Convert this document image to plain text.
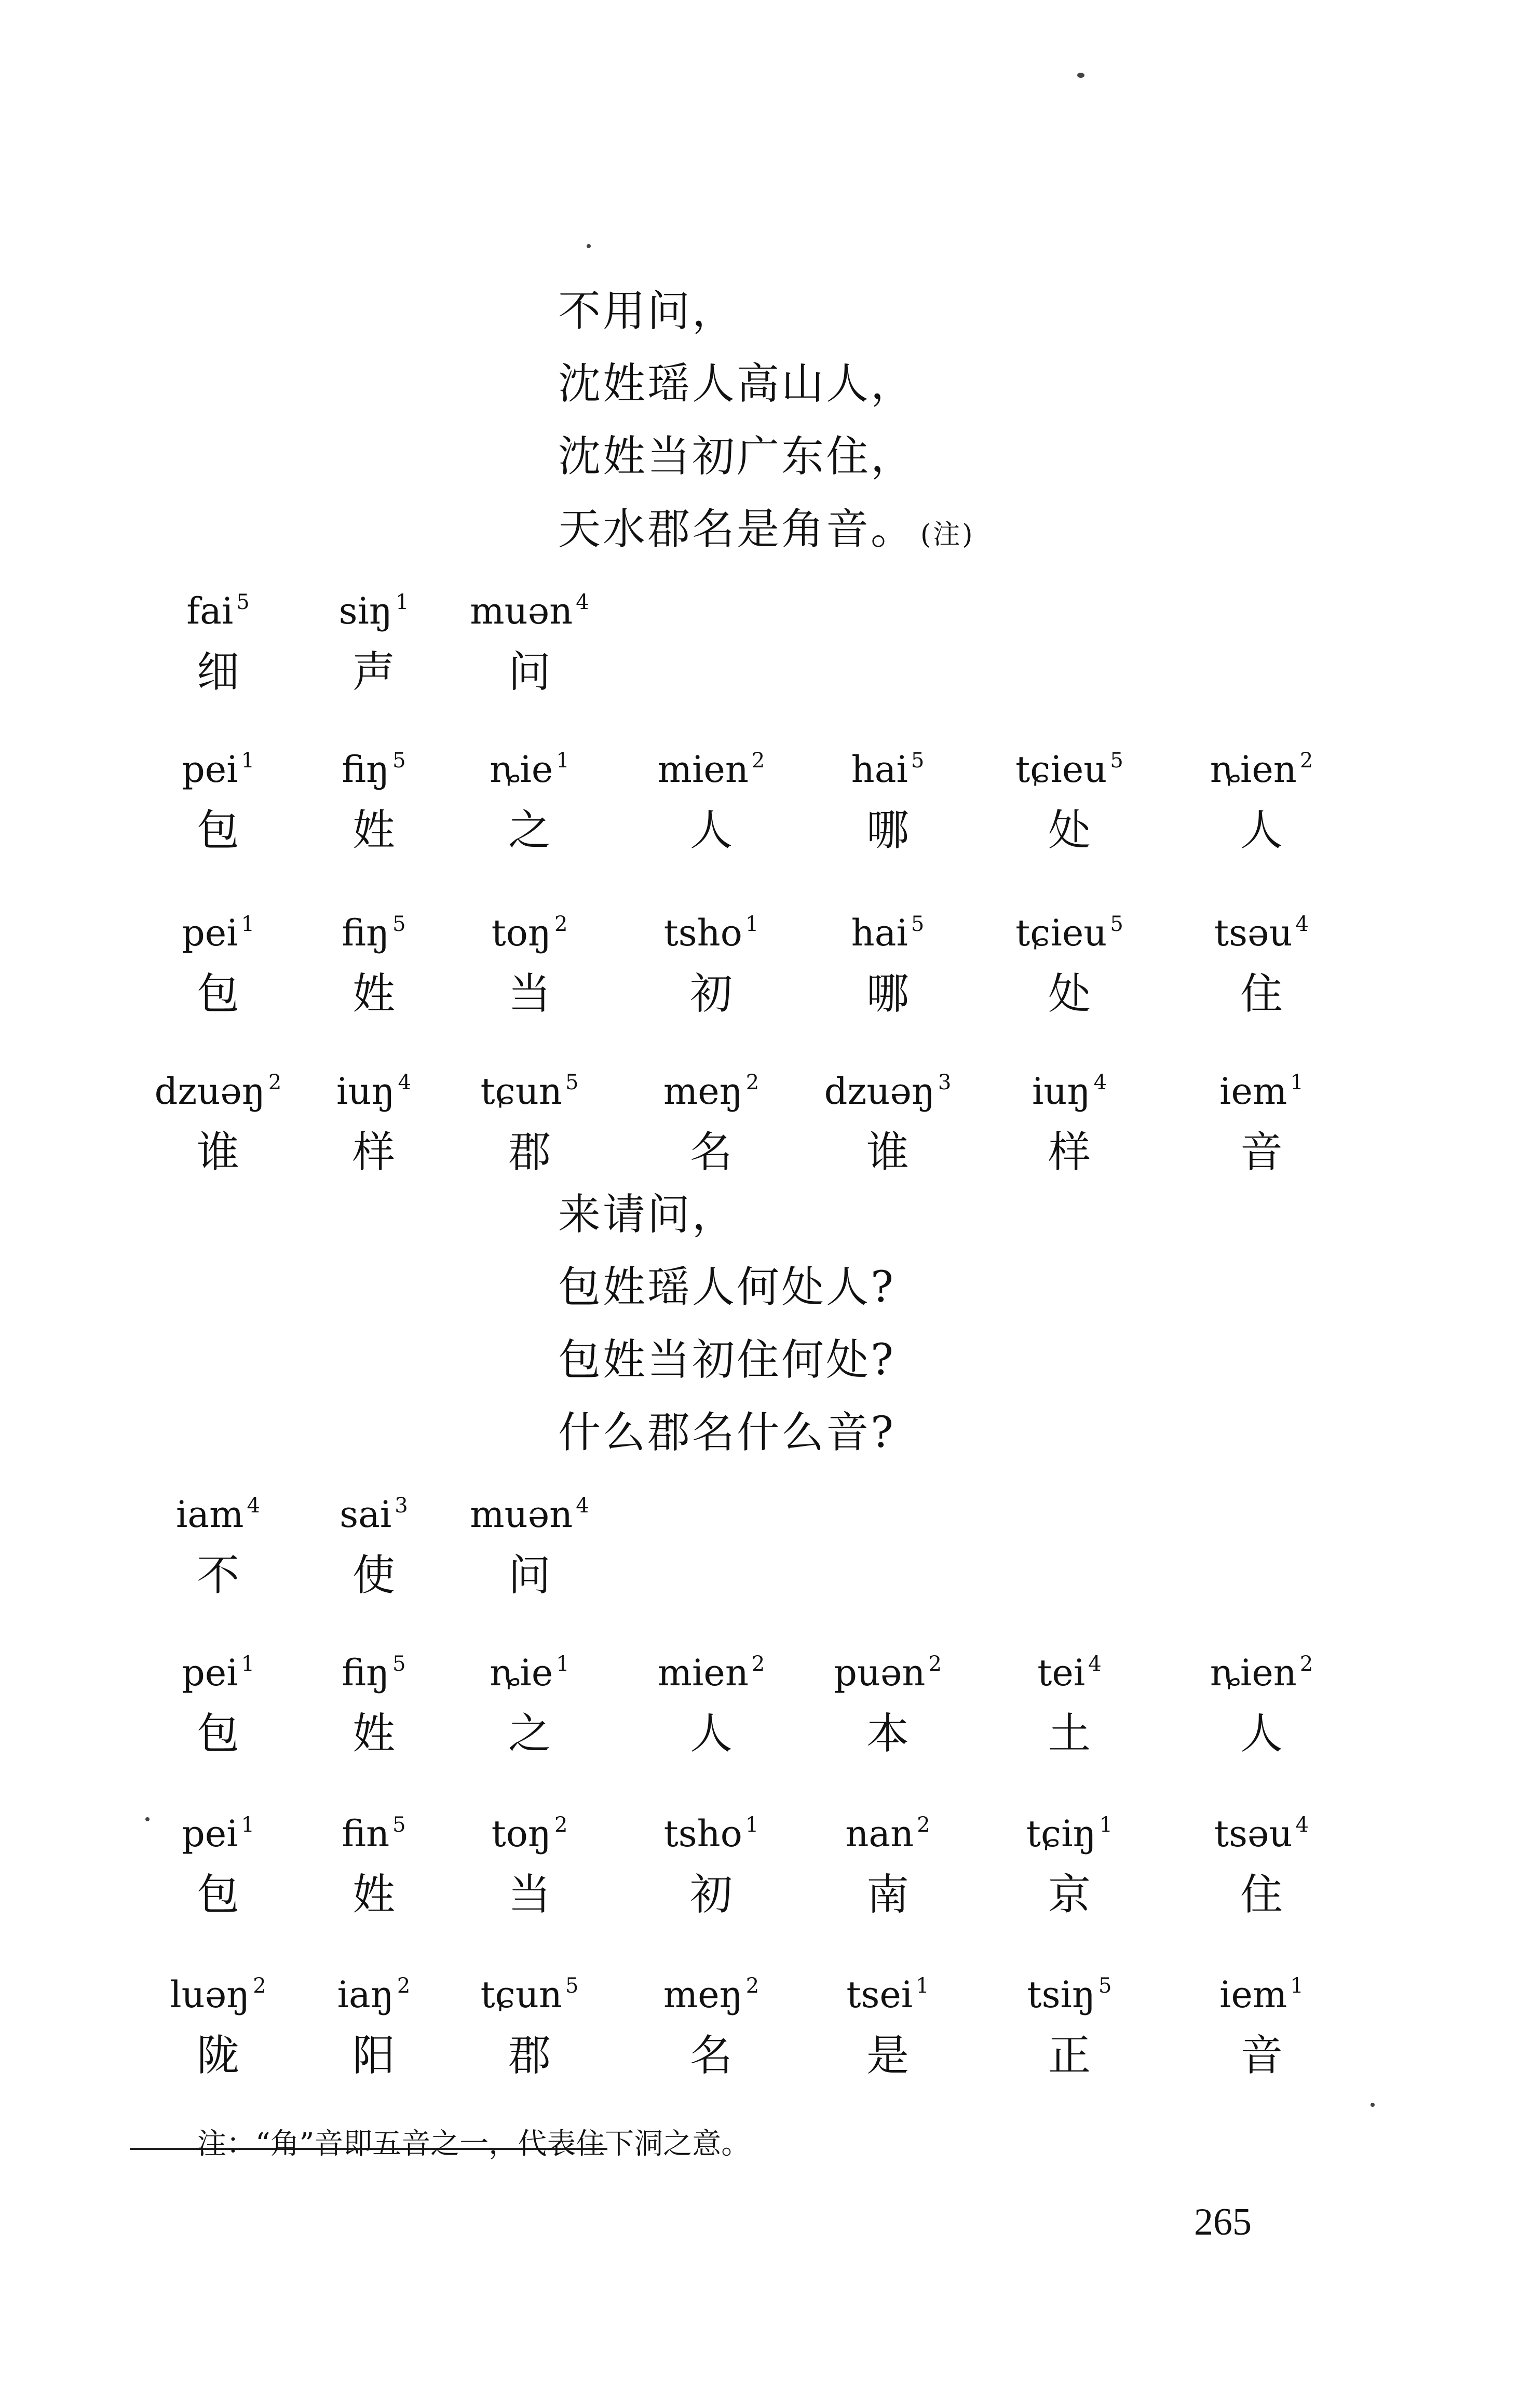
不用问，
沈姓瑶人高山人，
沈姓当初广东住，
天水郡名是角音。 (注)
fai $^5$	siŋ $^1$	muən $^4$
细	声	问
pei $^1$	fiŋ $^5$	ȵie $^1$	mien $^2$	hai $^5$	tɕieu $^5$	ȵien $^2$
包	姓	之	人	哪	处	人
pei $^1$	fiŋ $^5$	toŋ $^2$	tsho $^1$	hai $^5$	tɕieu $^5$	tsəu $^4$
包	姓	当	初	哪	处	住
dzuəŋ $^2$	iuŋ $^4$	tɕun $^5$	meŋ $^2$	dzuəŋ $^3$	iuŋ $^4$	iem $^1$
谁	样	郡	名	谁	样	音
iam $^4$	sai $^3$	muən $^4$
不	使	问
pei $^1$	fiŋ $^5$	ȵie $^1$	mien $^2$	puən $^2$	tei $^4$	ȵien $^2$
包	姓	之	人	本	土	人
pei $^1$	fin $^5$	toŋ $^2$	tsho $^1$	nan $^2$	tɕiŋ $^1$	tsəu $^4$
包	姓	当	初	南	京	住
luəŋ $^2$	iaŋ $^2$	tɕun $^5$	meŋ $^2$	tsei $^1$	tsiŋ $^5$	iem $^1$
陇	阳	郡	名	是	正	音
来请问，
包姓瑶人何处人?
包姓当初住何处?
什么郡名什么音?
注：“角”音即五音之一，代表住下洞之意。
265
